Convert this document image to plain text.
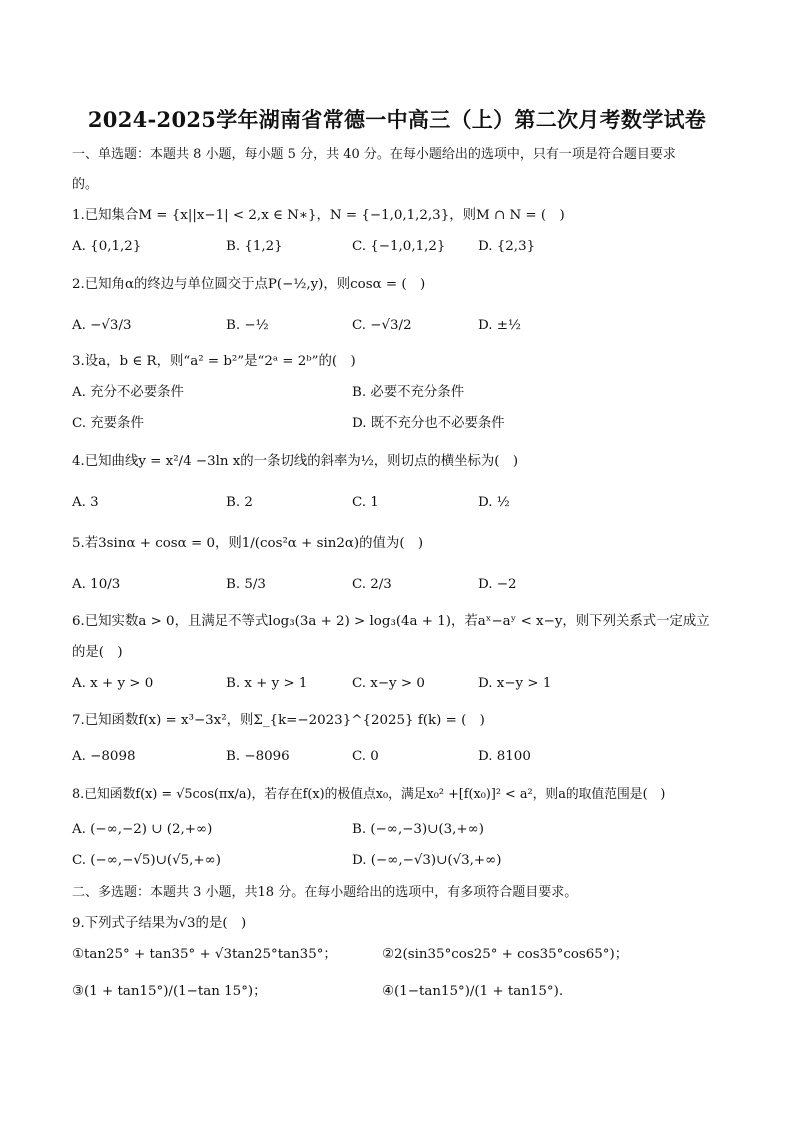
2024-2025学年湖南省常德一中高三（上）第二次月考数学试卷
一、单选题：本题共 8 小题，每小题 5 分，共 40 分。在每小题给出的选项中，只有一项是符合题目要求
的。
1.已知集合M = {x||x−1| < 2,x ∈ N∗}，N = {−1,0,1,2,3}，则M ∩ N = (　)
A. {0,1,2}	B. {1,2}	C. {−1,0,1,2} D. {2,3}
2.已知角α的终边与单位圆交于点P(−½,y)，则cosα = (　)
A. −√3/3	B. −½	C. −√3/2	D. ±½
3.设a，b ∈ R，则“a² = b²”是“2ᵃ = 2ᵇ”的(　)
A. 充分不必要条件	B. 必要不充分条件
C. 充要条件	D. 既不充分也不必要条件
4.已知曲线y = x²/4 −3ln x的一条切线的斜率为½，则切点的横坐标为(　)
A. 3	B. 2	C. 1	D. ½
5.若3sinα + cosα = 0，则1/(cos²α + sin2α)的值为(　)
A. 10/3	B. 5/3	C. 2/3	D. −2
6.已知实数a > 0，且满足不等式log₃(3a + 2) > log₃(4a + 1)，若aˣ−aʸ < x−y，则下列关系式一定成立
的是(　)
A. x + y > 0	B. x + y > 1	C. x−y > 0	D. x−y > 1
7.已知函数f(x) = x³−3x²，则Σ_{k=−2023}^{2025} f(k) = (　)
A. −8098	B. −8096	C. 0	D. 8100
8.已知函数f(x) = √5cos(πx/a)，若存在f(x)的极值点x₀，满足x₀² +[f(x₀)]² < a²，则a的取值范围是(　)
A. (−∞,−2) ∪ (2,+∞)	B. (−∞,−3)∪(3,+∞)
C. (−∞,−√5)∪(√5,+∞)	D. (−∞,−√3)∪(√3,+∞)
二、多选题：本题共 3 小题，共18 分。在每小题给出的选项中，有多项符合题目要求。
9.下列式子结果为√3的是(　)
①tan25° + tan35° + √3tan25°tan35°；	②2(sin35°cos25° + cos35°cos65°)；
③(1 + tan15°)/(1−tan 15°)；	④(1−tan15°)/(1 + tan15°).
